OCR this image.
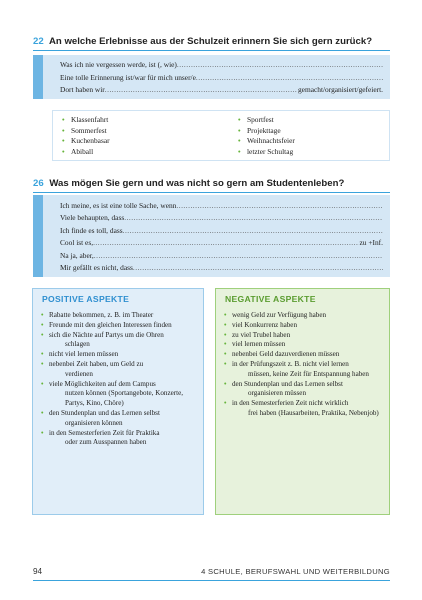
22 An welche Erlebnisse aus der Schulzeit erinnern Sie sich gern zurück?
Was ich nie vergessen werde, ist (, wie)
.....
Eine tolle Erinnerung ist/war für mich unser/e
.....
Dort haben wir .....	gemacht/organisiert/gefeiert.
• Klassenfahrt
• Sommerfest
• Kuchenbasar
• Abiball
• Sportfest
• Projekttage
• Weihnachtsfeier
• letzter Schultag
26 Was mögen Sie gern und was nicht so gern am Studentenleben?
Ich meine, es ist eine tolle Sache, wenn
.....
Viele behaupten, dass
.....
Ich finde es toll, dass
.....
Cool ist es, .....	zu +Inf.
Na ja, aber,
.....
Mir gefällt es nicht, dass
.....
POSITIVE ASPEKTE
• Rabatte bekommen, z. B. im Theater
• Freunde mit den gleichen Interessen finden
• sich die Nächte auf Partys um die Ohren
schlagen
• nicht viel lernen müssen
• nebenbei Zeit haben, um Geld zu
verdienen
• viele Möglichkeiten auf dem Campus
nutzen können (Sportangebote, Konzerte, Partys, Kino, Chöre)
• den Stundenplan und das Lernen selbst
organisieren können
• in den Semesterferien Zeit für Praktika
oder zum Ausspannen haben
NEGATIVE ASPEKTE
• wenig Geld zur Verfügung haben
• viel Konkurrenz haben
• zu viel Trubel haben
• viel lernen müssen
• nebenbei Geld dazuverdienen müssen
• in der Prüfungszeit z. B. nicht viel lernen
müssen, keine Zeit für Entspannung haben
• den Stundenplan und das Lernen selbst
organisieren müssen
• in den Semesterferien Zeit nicht wirklich
frei haben (Hausarbeiten, Praktika, Nebenjob)
94	4 SCHULE, BERUFSWAHL UND WEITERBILDUNG
